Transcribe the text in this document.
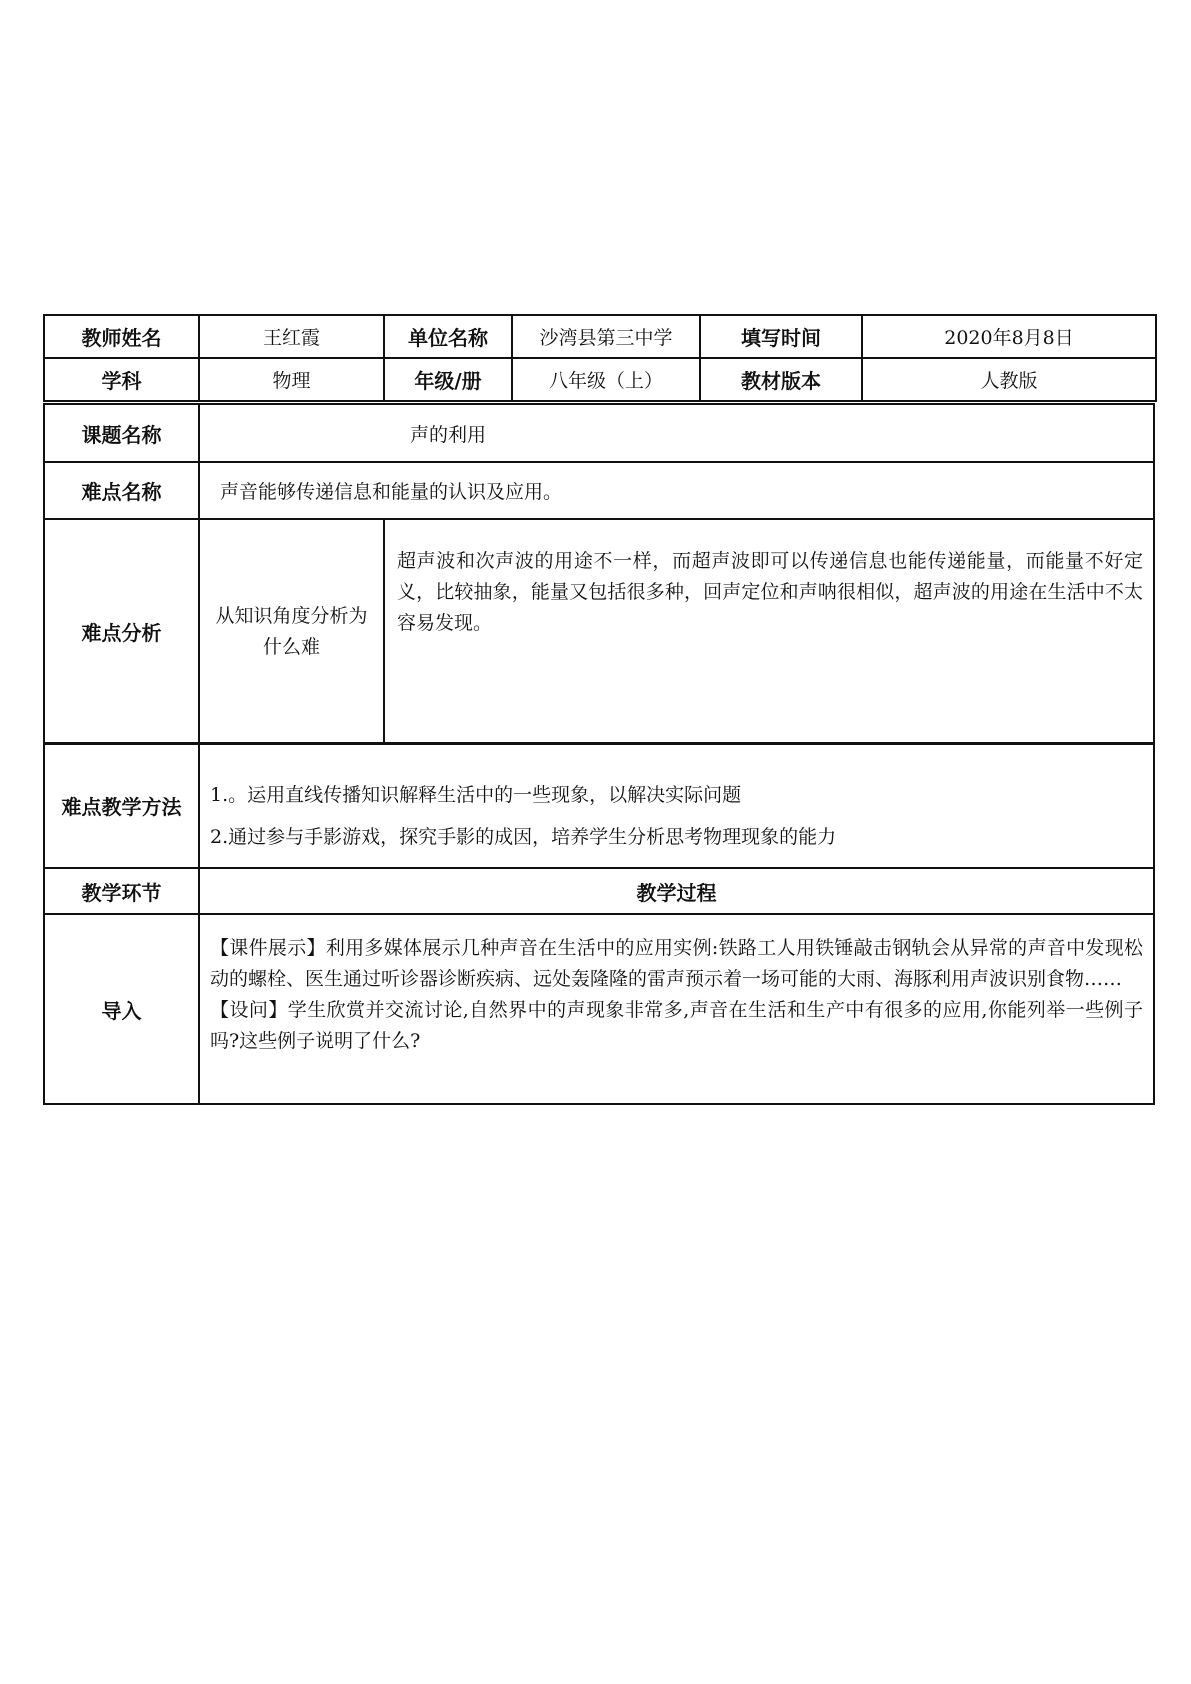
教师姓名	王红霞	单位名称	沙湾县第三中学	填写时间	2020年8月8日
学科	物理	年级/册	八年级（上）	教材版本	人教版
课题名称	声的利用
难点名称	声音能够传递信息和能量的认识及应用。
难点分析	从知识角度分析为什么难	超声波和次声波的用途不一样，而超声波即可以传递信息也能传递能量，而能量不好定义，比较抽象，能量又包括很多种，回声定位和声呐很相似，超声波的用途在生活中不太容易发现。
难点教学方法	1.。运用直线传播知识解释生活中的一些现象，以解决实际问题
2.通过参与手影游戏，探究手影的成因，培养学生分析思考物理现象的能力

教学环节	教学过程
导入	【课件展示】利用多媒体展示几种声音在生活中的应用实例:铁路工人用铁锤敲击钢轨会从异常的声音中发现松动的螺栓、医生通过听诊器诊断疾病、远处轰隆隆的雷声预示着一场可能的大雨、海豚利用声波识别食物……
【设问】学生欣赏并交流讨论,自然界中的声现象非常多,声音在生活和生产中有很多的应用,你能列举一些例子吗?这些例子说明了什么?
